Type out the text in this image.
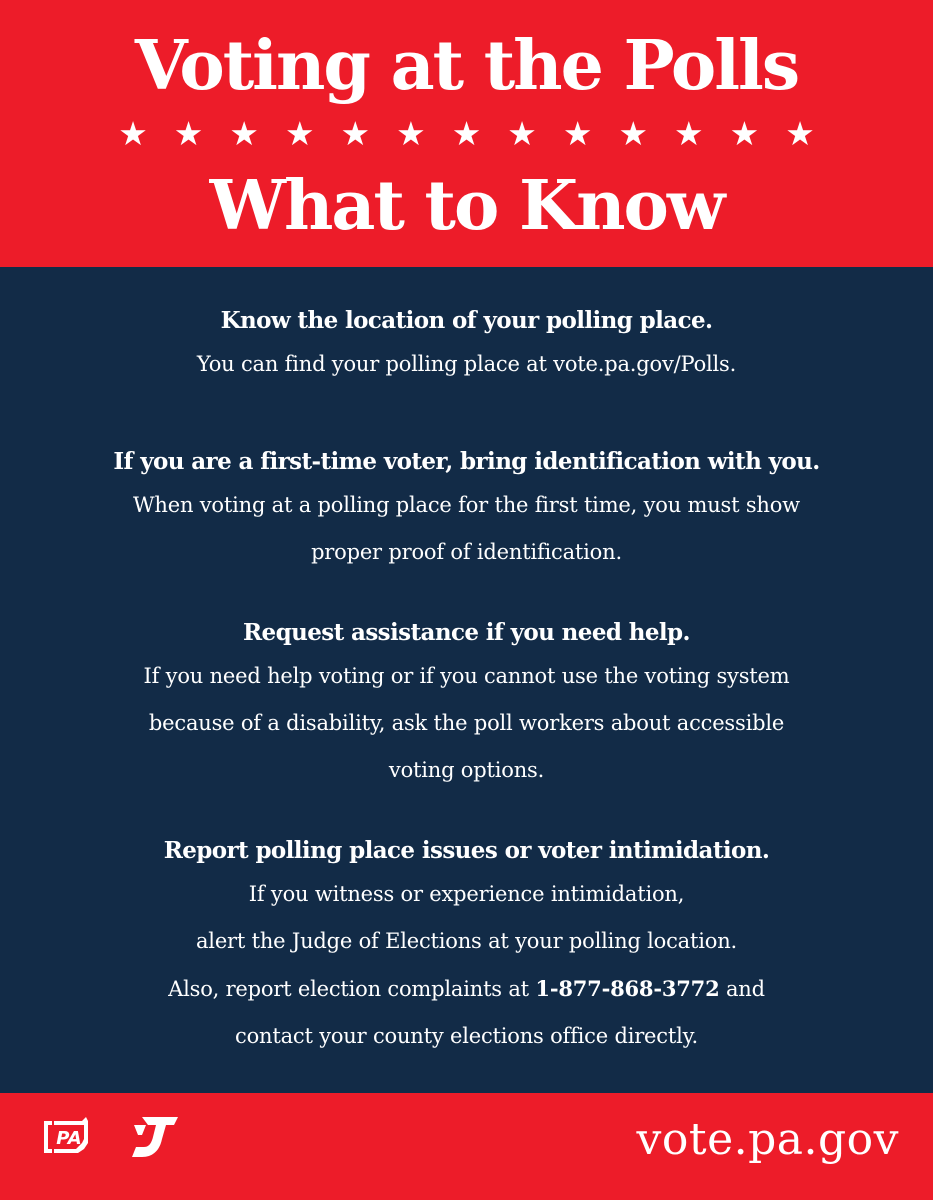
Voting at the Polls
★★★★★★★★★★★★★
What to Know
Know the location of your polling place.
You can find your polling place at vote.pa.gov/Polls.
If you are a first-time voter, bring identification with you.
When voting at a polling place for the first time, you must show
proper proof of identification.
Request assistance if you need help.
If you need help voting or if you cannot use the voting system
because of a disability, ask the poll workers about accessible
voting options.
Report polling place issues or voter intimidation.
If you witness or experience intimidation,
alert the Judge of Elections at your polling location.
Also, report election complaints at 1-877-868-3772 and
contact your county elections office directly.
PA	vote.pa.gov
